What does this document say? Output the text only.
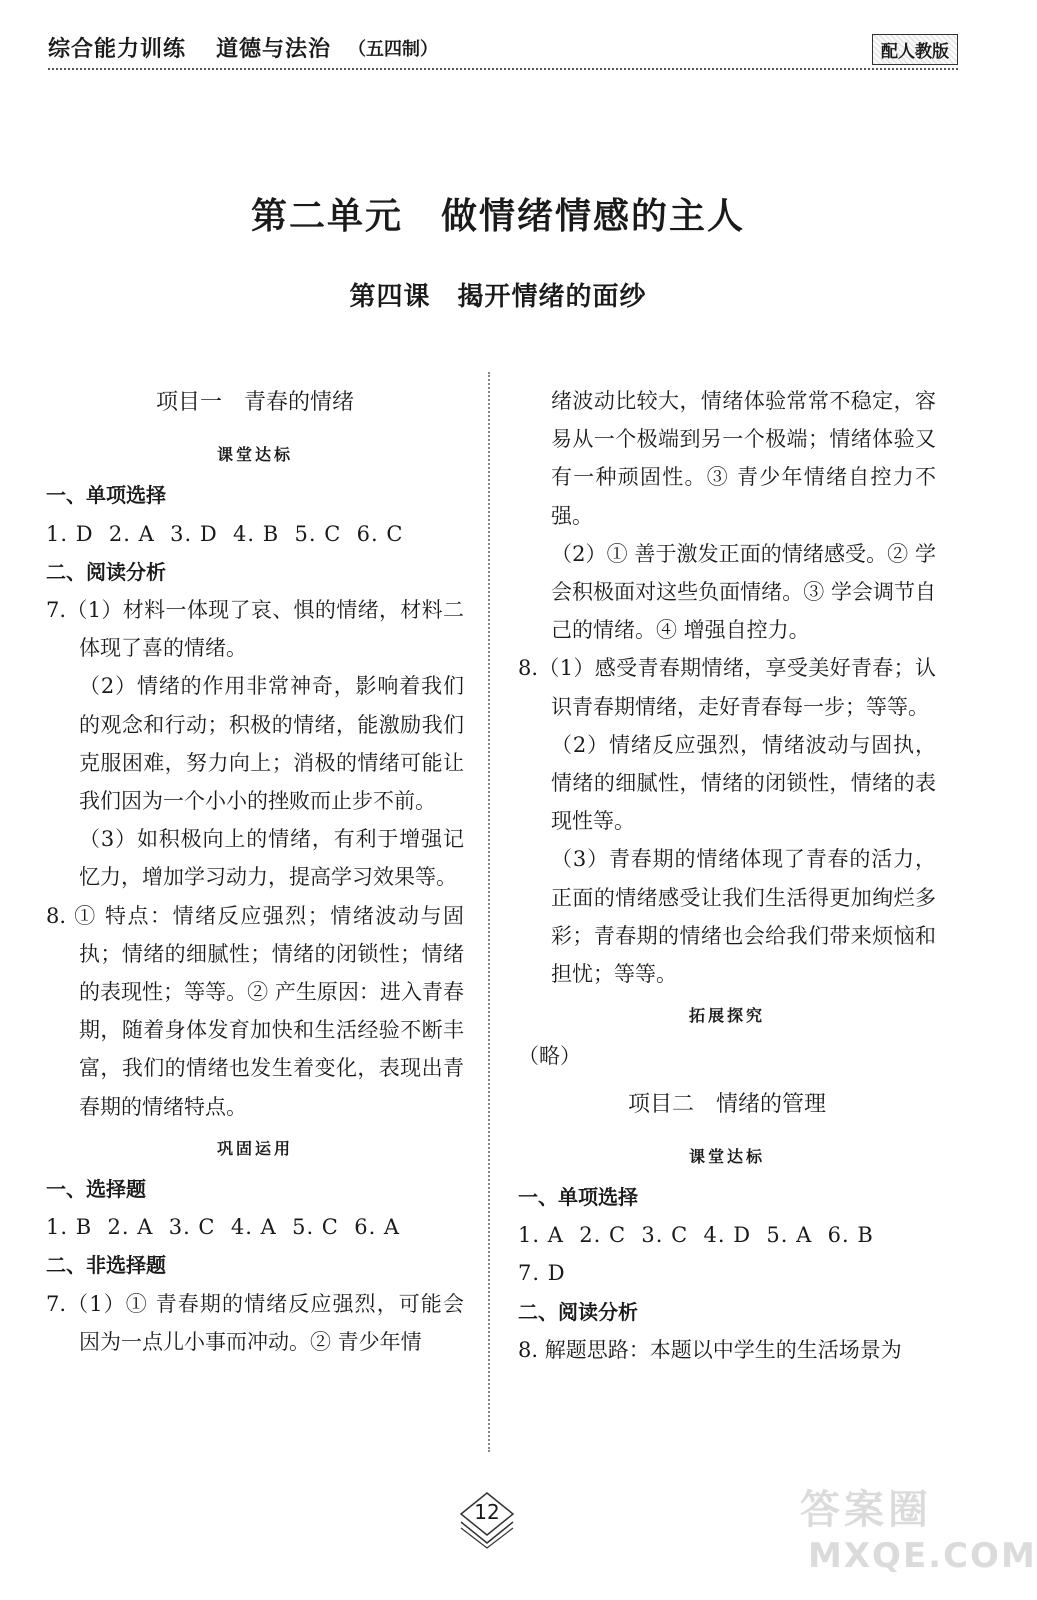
综合能力训练 道德与法治 （五四制）	配人教版
第二单元　做情绪情感的主人
第四课　揭开情绪的面纱
项目一　青春的情绪
课堂达标
一、单项选择
1. D  2. A  3. D  4. B  5. C  6. C
二、阅读分析
7.（1）材料一体现了哀、惧的情绪，材料二体现了喜的情绪。
（2）情绪的作用非常神奇，影响着我们的观念和行动；积极的情绪，能激励我们克服困难，努力向上；消极的情绪可能让我们因为一个小小的挫败而止步不前。
（3）如积极向上的情绪，有利于增强记忆力，增加学习动力，提高学习效果等。
8. ① 特点：情绪反应强烈；情绪波动与固执；情绪的细腻性；情绪的闭锁性；情绪的表现性；等等。② 产生原因：进入青春期，随着身体发育加快和生活经验不断丰富，我们的情绪也发生着变化，表现出青春期的情绪特点。
巩固运用
一、选择题
1. B  2. A  3. C  4. A  5. C  6. A
二、非选择题
7.（1）① 青春期的情绪反应强烈，可能会因为一点儿小事而冲动。② 青少年情
绪波动比较大，情绪体验常常不稳定，容易从一个极端到另一个极端；情绪体验又有一种顽固性。③ 青少年情绪自控力不强。
（2）① 善于激发正面的情绪感受。② 学会积极面对这些负面情绪。③ 学会调节自己的情绪。④ 增强自控力。
8.（1）感受青春期情绪，享受美好青春；认识青春期情绪，走好青春每一步；等等。
（2）情绪反应强烈，情绪波动与固执，情绪的细腻性，情绪的闭锁性，情绪的表现性等。
（3）青春期的情绪体现了青春的活力，正面的情绪感受让我们生活得更加绚烂多彩；青春期的情绪也会给我们带来烦恼和担忧；等等。
拓展探究
（略）
项目二　情绪的管理
课堂达标
一、单项选择
1. A  2. C  3. C  4. D  5. A  6. B
7. D
二、阅读分析
8. 解题思路：本题以中学生的生活场景为
12	答案圈
MXQE.COM
